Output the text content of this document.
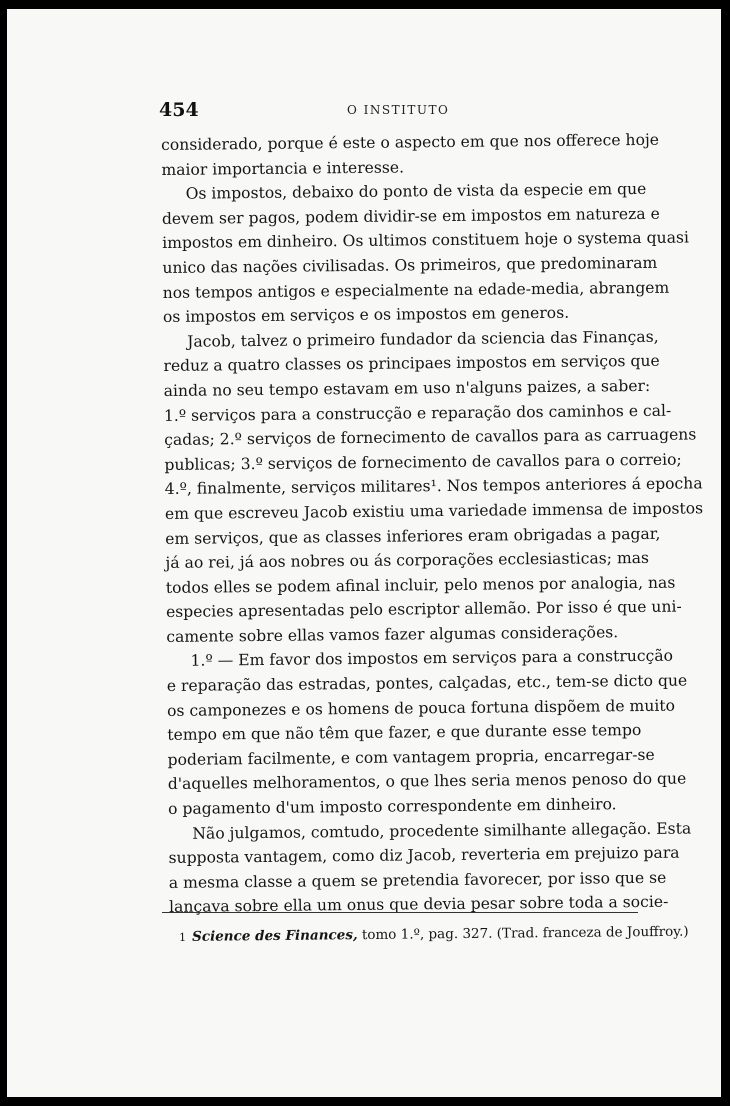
454	O INSTITUTO
considerado, porque é este o aspecto em que nos offerece hoje
maior importancia e interesse.
Os impostos, debaixo do ponto de vista da especie em que
devem ser pagos, podem dividir-se em impostos em natureza e
impostos em dinheiro. Os ultimos constituem hoje o systema quasi
unico das nações civilisadas. Os primeiros, que predominaram
nos tempos antigos e especialmente na edade-media, abrangem
os impostos em serviços e os impostos em generos.
Jacob, talvez o primeiro fundador da sciencia das Finanças,
reduz a quatro classes os principaes impostos em serviços que
ainda no seu tempo estavam em uso n'alguns paizes, a saber:
1.º serviços para a construcção e reparação dos caminhos e cal-
çadas; 2.º serviços de fornecimento de cavallos para as carruagens
publicas; 3.º serviços de fornecimento de cavallos para o correio;
4.º, finalmente, serviços militares¹. Nos tempos anteriores á epocha
em que escreveu Jacob existiu uma variedade immensa de impostos
em serviços, que as classes inferiores eram obrigadas a pagar,
já ao rei, já aos nobres ou ás corporações ecclesiasticas; mas
todos elles se podem afinal incluir, pelo menos por analogia, nas
especies apresentadas pelo escriptor allemão. Por isso é que uni-
camente sobre ellas vamos fazer algumas considerações.
1.º — Em favor dos impostos em serviços para a construcção
e reparação das estradas, pontes, calçadas, etc., tem-se dicto que
os camponezes e os homens de pouca fortuna dispõem de muito
tempo em que não têm que fazer, e que durante esse tempo
poderiam facilmente, e com vantagem propria, encarregar-se
d'aquelles melhoramentos, o que lhes seria menos penoso do que
o pagamento d'um imposto correspondente em dinheiro.
Não julgamos, comtudo, procedente similhante allegação. Esta
supposta vantagem, como diz Jacob, reverteria em prejuizo para
a mesma classe a quem se pretendia favorecer, por isso que se
lançava sobre ella um onus que devia pesar sobre toda a socie-
1 Science des Finances, tomo 1.º, pag. 327. (Trad. franceza de Jouffroy.)
